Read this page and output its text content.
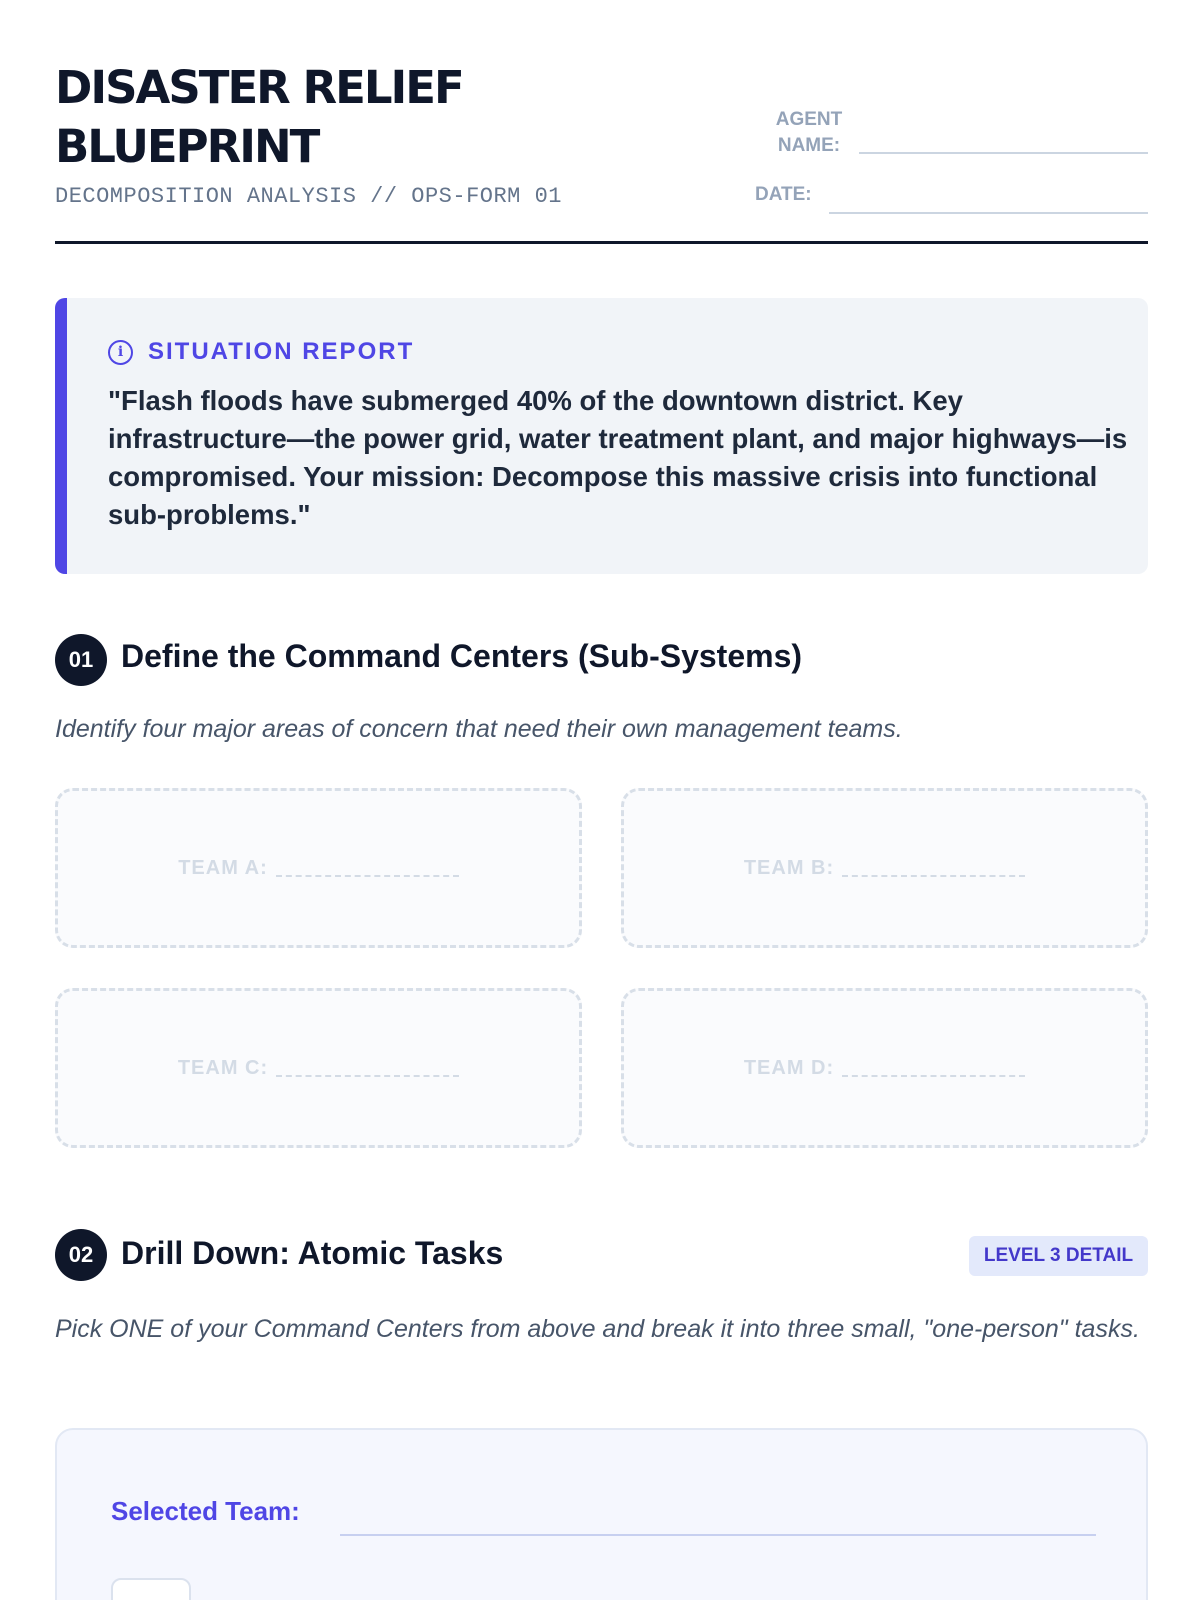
DISASTER RELIEF
BLUEPRINT
DECOMPOSITION ANALYSIS // OPS-FORM 01
AGENT
NAME:
DATE:
i SITUATION REPORT
"Flash floods have submerged 40% of the downtown district. Key infrastructure—the power grid, water treatment plant, and major highways—is compromised. Your mission: Decompose this massive crisis into functional sub-problems."
01 Define the Command Centers (Sub-Systems)
Identify four major areas of concern that need their own management teams.
TEAM A:	TEAM B:
TEAM C:	TEAM D:
02 Drill Down: Atomic Tasks	LEVEL 3 DETAIL
Pick ONE of your Command Centers from above and break it into three small, "one-person" tasks.
Selected Team:
